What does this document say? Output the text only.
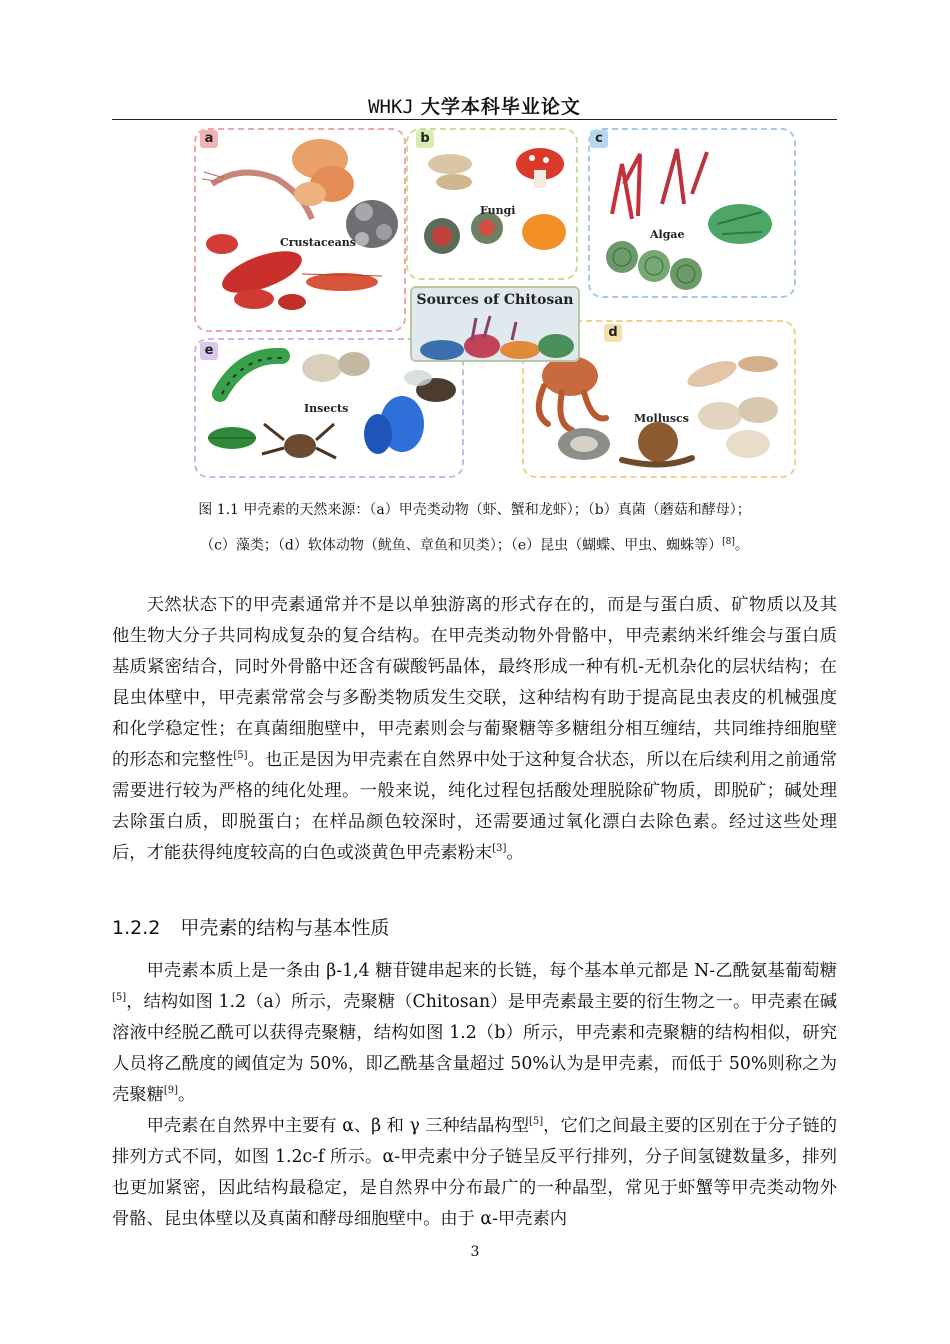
WHKJ 大学本科毕业论文
a
Crustaceans
b
Fungi
c
Algae
d
Molluscs
e
Insects
Sources of Chitosan
图 1.1 甲壳素的天然来源：（a）甲壳类动物（虾、蟹和龙虾）；（b）真菌（蘑菇和酵母）；
（c）藻类；（d）软体动物（鱿鱼、章鱼和贝类）；（e）昆虫（蝴蝶、甲虫、蜘蛛等）[8]。

天然状态下的甲壳素通常并不是以单独游离的形式存在的，而是与蛋白质、矿物质以及其他生物大分子共同构成复杂的复合结构。在甲壳类动物外骨骼中，甲壳素纳米纤维会与蛋白质基质紧密结合，同时外骨骼中还含有碳酸钙晶体，最终形成一种有机-无机杂化的层状结构；在昆虫体壁中，甲壳素常常会与多酚类物质发生交联，这种结构有助于提高昆虫表皮的机械强度和化学稳定性；在真菌细胞壁中，甲壳素则会与葡聚糖等多糖组分相互缠结，共同维持细胞壁的形态和完整性[5]。也正是因为甲壳素在自然界中处于这种复合状态，所以在后续利用之前通常需要进行较为严格的纯化处理。一般来说，纯化过程包括酸处理脱除矿物质，即脱矿；碱处理去除蛋白质，即脱蛋白；在样品颜色较深时，还需要通过氧化漂白去除色素。经过这些处理后，才能获得纯度较高的白色或淡黄色甲壳素粉末[3]。

1.2.2 甲壳素的结构与基本性质

甲壳素本质上是一条由 β-1,4 糖苷键串起来的长链，每个基本单元都是 N-乙酰氨基葡萄糖[5]，结构如图 1.2（a）所示，壳聚糖（Chitosan）是甲壳素最主要的衍生物之一。甲壳素在碱溶液中经脱乙酰可以获得壳聚糖，结构如图 1.2（b）所示，甲壳素和壳聚糖的结构相似，研究人员将乙酰度的阈值定为 50%，即乙酰基含量超过 50%认为是甲壳素，而低于 50%则称之为壳聚糖[9]。

甲壳素在自然界中主要有 α、β 和 γ 三种结晶构型[5]，它们之间最主要的区别在于分子链的排列方式不同，如图 1.2c-f 所示。α-甲壳素中分子链呈反平行排列，分子间氢键数量多，排列也更加紧密，因此结构最稳定，是自然界中分布最广的一种晶型，常见于虾蟹等甲壳类动物外骨骼、昆虫体壁以及真菌和酵母细胞壁中。由于 α-甲壳素内

3
